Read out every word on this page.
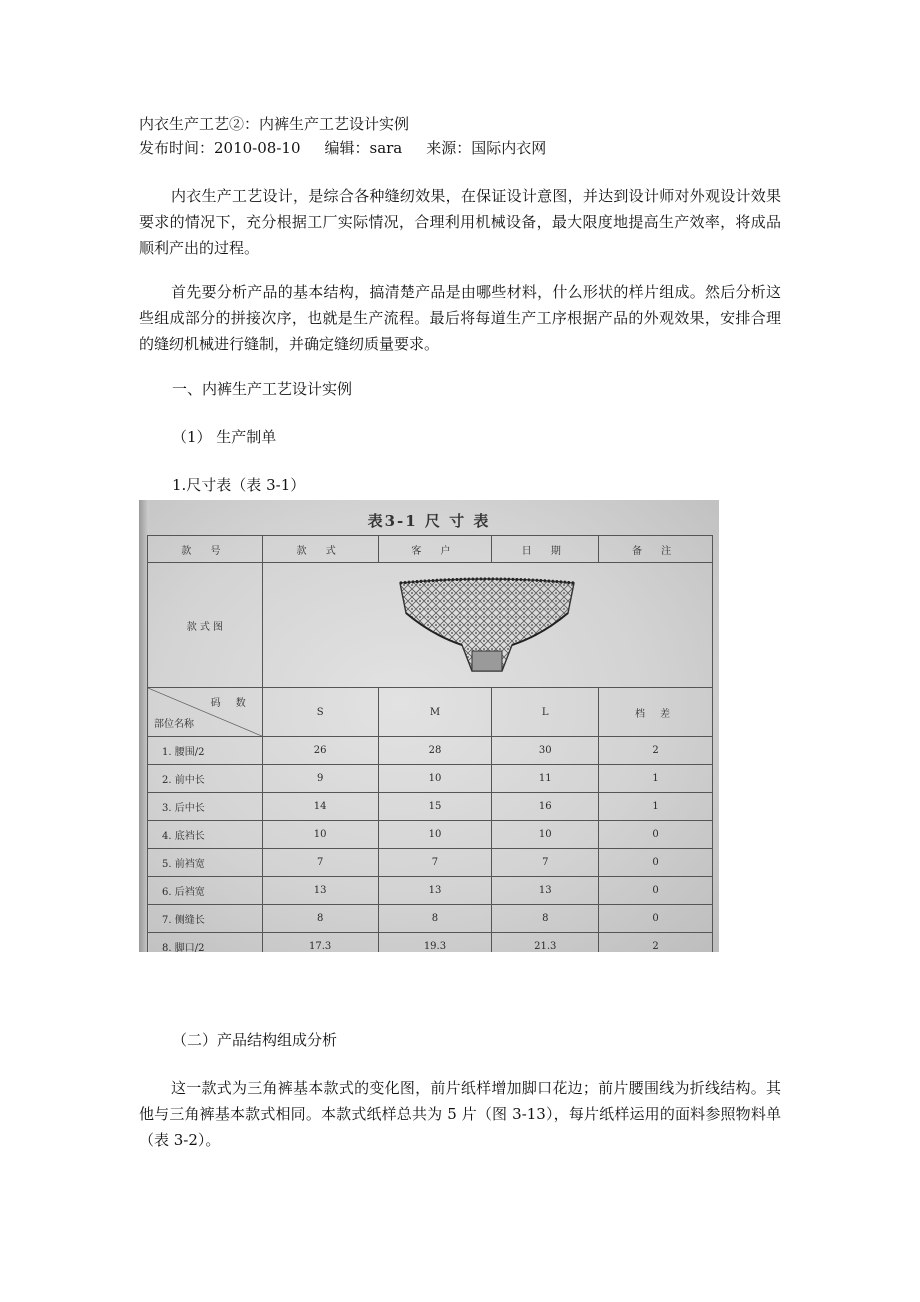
内衣生产工艺②：内裤生产工艺设计实例
发布时间：2010-08-10 编辑：sara 来源：国际内衣网
内衣生产工艺设计，是综合各种缝纫效果，在保证设计意图，并达到设计师对外观设计效果要求的情况下，充分根据工厂实际情况，合理利用机械设备，最大限度地提高生产效率，将成品顺利产出的过程。
首先要分析产品的基本结构，搞清楚产品是由哪些材料，什么形状的样片组成。然后分析这些组成部分的拼接次序，也就是生产流程。最后将每道生产工序根据产品的外观效果，安排合理的缝纫机械进行缝制，并确定缝纫质量要求。
一、内裤生产工艺设计实例
（1） 生产制单
1.尺寸表（表 3-1）
表3-1 尺 寸 表
款 号	款 式	客 户	日 期	备 注
款 式 图	

码 数
部位名称	S	M	L	档 差
1. 腰围/2	26	28	30	2
2. 前中长	9	10	11	1
3. 后中长	14	15	16	1
4. 底裆长	10	10	10	0
5. 前裆宽	7	7	7	0
6. 后裆宽	13	13	13	0
7. 侧缝长	8	8	8	0
8. 脚口/2	17.3	19.3	21.3	2
（二）产品结构组成分析
这一款式为三角裤基本款式的变化图，前片纸样增加脚口花边；前片腰围线为折线结构。其他与三角裤基本款式相同。本款式纸样总共为 5 片（图 3-13），每片纸样运用的面料参照物料单（表 3-2）。
